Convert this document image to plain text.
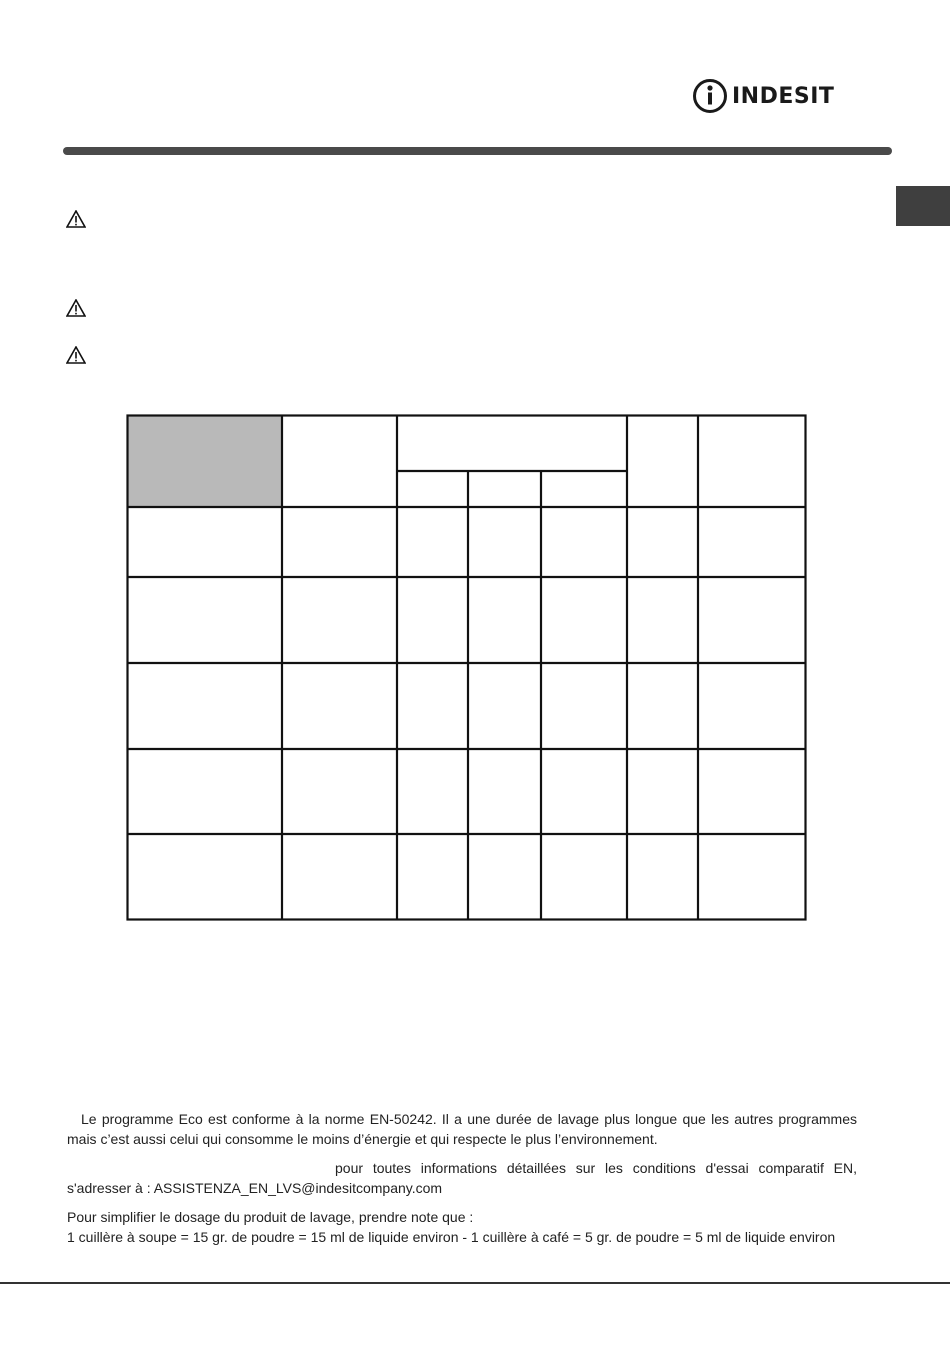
INDESIT

Le programme Eco est conforme à la norme EN-50242. Il a une durée de lavage plus longue que les autres programmes mais c’est aussi celui qui consomme le moins d’énergie et qui respecte le plus l’environnement.

pour toutes informations détaillées sur les conditions d'essai comparatif EN, s'adresser à : ASSISTENZA_EN_LVS@indesitcompany.com

Pour simplifier le dosage du produit de lavage, prendre note que :

1 cuillère à soupe = 15 gr. de poudre = 15 ml de liquide environ - 1 cuillère à café = 5 gr. de poudre = 5 ml de liquide environ
